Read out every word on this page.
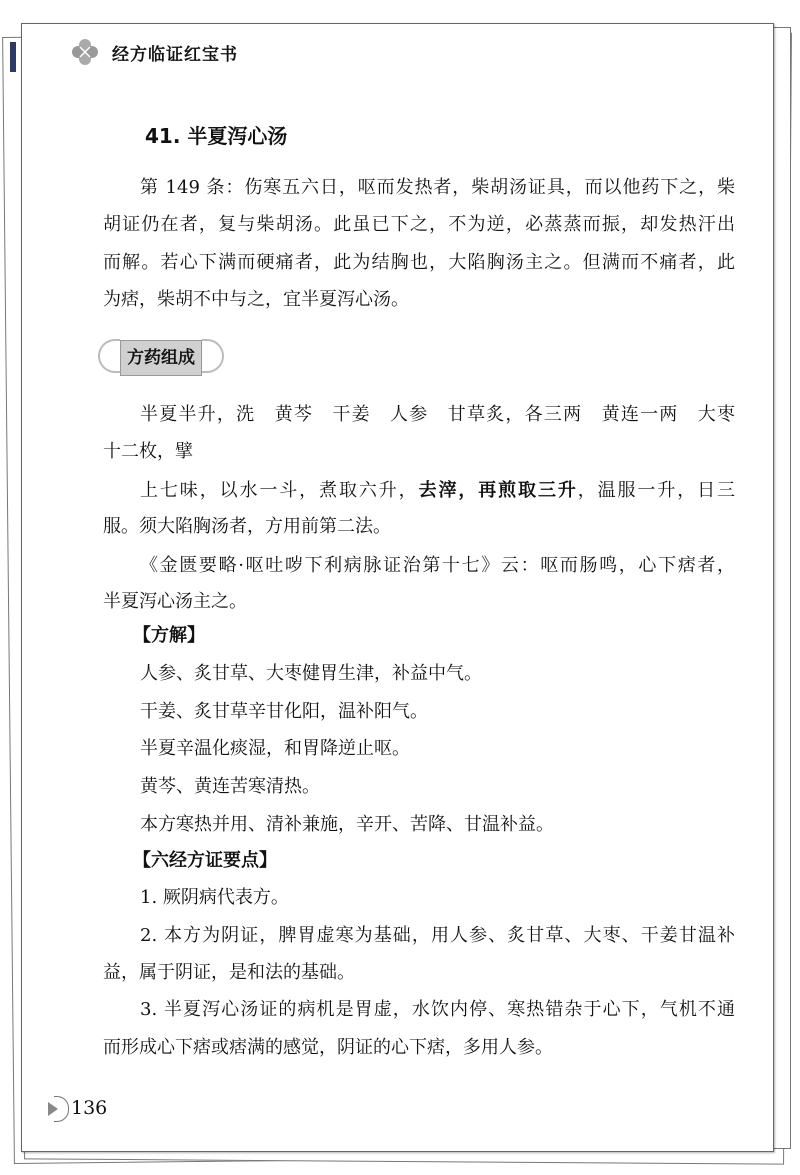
经方临证红宝书
41. 半夏泻心汤
第 149 条：伤寒五六日，呕而发热者，柴胡汤证具，而以他药下之，柴
胡证仍在者，复与柴胡汤。此虽已下之，不为逆，必蒸蒸而振，却发热汗出
而解。若心下满而硬痛者，此为结胸也，大陷胸汤主之。但满而不痛者，此
为痞，柴胡不中与之，宜半夏泻心汤。
方药组成
半夏半升，洗　黄芩　干姜　人参　甘草炙，各三两　黄连一两　大枣
十二枚，擘
上七味，以水一斗，煮取六升，去滓，再煎取三升，温服一升，日三
服。须大陷胸汤者，方用前第二法。
《金匮要略·呕吐哕下利病脉证治第十七》云：呕而肠鸣，心下痞者，
半夏泻心汤主之。
【方解】
人参、炙甘草、大枣健胃生津，补益中气。
干姜、炙甘草辛甘化阳，温补阳气。
半夏辛温化痰湿，和胃降逆止呕。
黄芩、黄连苦寒清热。
本方寒热并用、清补兼施，辛开、苦降、甘温补益。
【六经方证要点】
1. 厥阴病代表方。
2. 本方为阴证，脾胃虚寒为基础，用人参、炙甘草、大枣、干姜甘温补
益，属于阴证，是和法的基础。
3. 半夏泻心汤证的病机是胃虚，水饮内停、寒热错杂于心下，气机不通
而形成心下痞或痞满的感觉，阴证的心下痞，多用人参。
136
